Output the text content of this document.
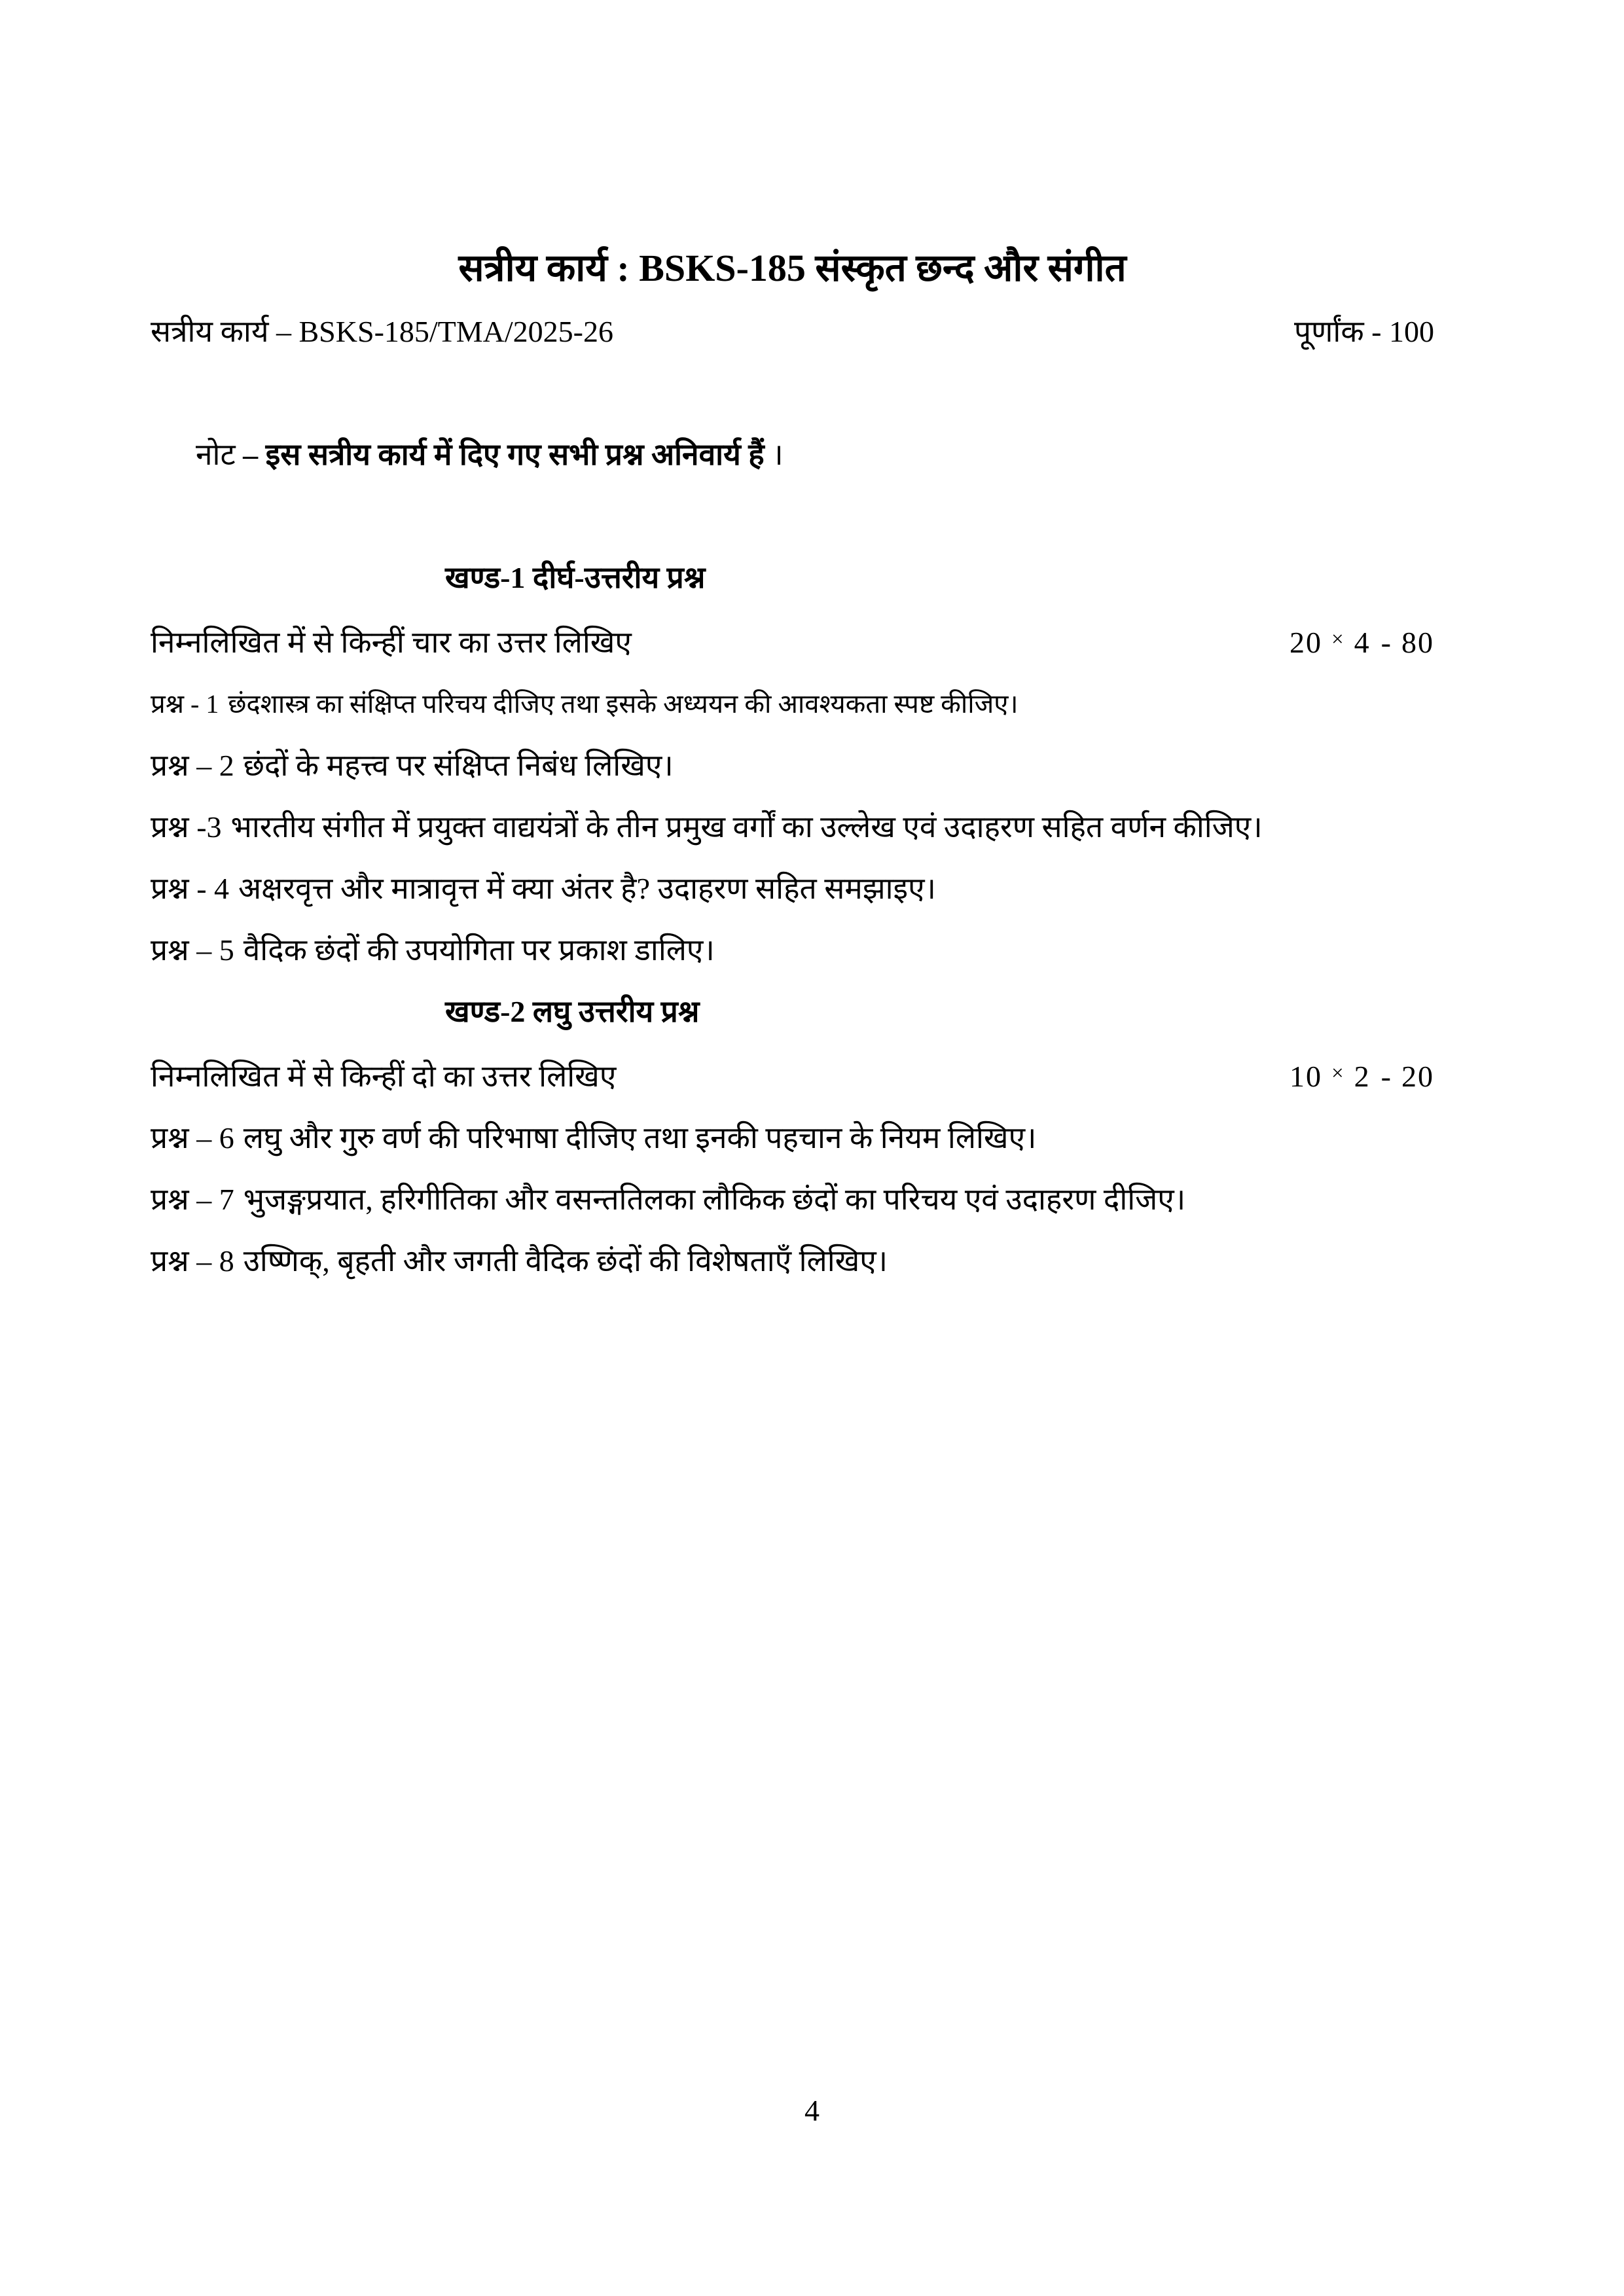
सत्रीय कार्य : BSKS-185 संस्कृत छन्द और संगीत
सत्रीय कार्य – BSKS-185/TMA/2025-26	पूर्णांक - 100

नोट – इस सत्रीय कार्य में दिए गए सभी प्रश्न अनिवार्य हैं ।

खण्ड-1 दीर्घ-उत्तरीय प्रश्न
निम्नलिखित में से किन्हीं चार का उत्तर लिखिए	20 × 4 - 80
प्रश्न - 1 छंदशास्त्र का संक्षिप्त परिचय दीजिए तथा इसके अध्ययन की आवश्यकता स्पष्ट कीजिए।
प्रश्न – 2 छंदों के महत्त्व पर संक्षिप्त निबंध लिखिए।
प्रश्न -3 भारतीय संगीत में प्रयुक्त वाद्ययंत्रों के तीन प्रमुख वर्गों का उल्लेख एवं उदाहरण सहित वर्णन कीजिए।
प्रश्न - 4 अक्षरवृत्त और मात्रावृत्त में क्या अंतर है? उदाहरण सहित समझाइए।
प्रश्न – 5 वैदिक छंदों की उपयोगिता पर प्रकाश डालिए।
खण्ड-2 लघु उत्तरीय प्रश्न
निम्नलिखित में से किन्हीं दो का उत्तर लिखिए	10 × 2 - 20
प्रश्न – 6 लघु और गुरु वर्ण की परिभाषा दीजिए तथा इनकी पहचान के नियम लिखिए।
प्रश्न – 7 भुजङ्गप्रयात, हरिगीतिका और वसन्ततिलका लौकिक छंदों का परिचय एवं उदाहरण दीजिए।
प्रश्न – 8 उष्णिक्, बृहती और जगती वैदिक छंदों की विशेषताएँ लिखिए।
4
